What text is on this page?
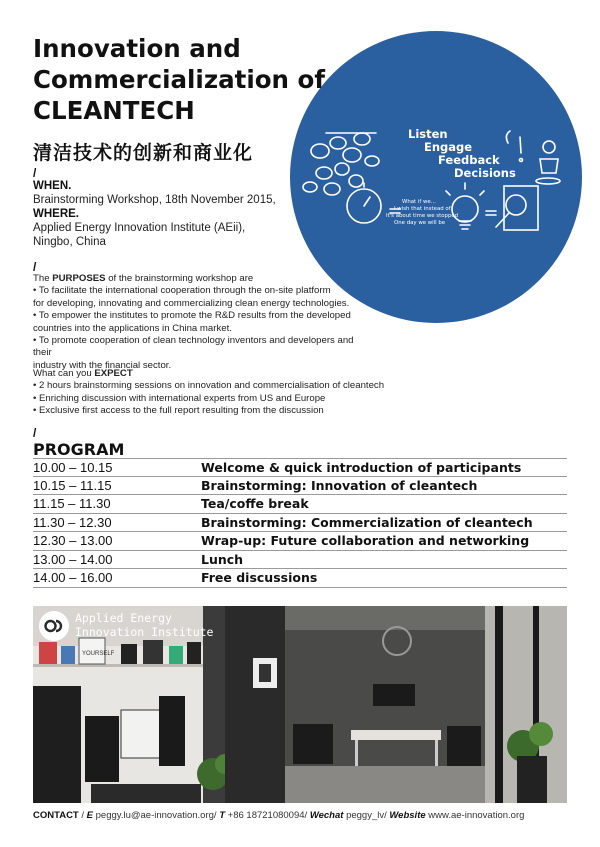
Listen
Engage
Feedback
Decisions
What if we...
I wish that instead of
It's about time we stopped
One day we will be
Innovation and
Commercialization of
CLEANTECH
清洁技术的创新和商业化
/
WHEN.
Brainstorming Workshop, 18th November 2015,
WHERE.
Applied Energy Innovation Institute (AEii),
Ningbo, China
/
The PURPOSES of the brainstorming workshop are
• To facilitate the international cooperation through the on-site platform
for developing, innovating and commercializing clean energy technologies.
• To empower the institutes to promote the R&D results from the developed
countries into the applications in China market.
• To promote cooperation of clean technology inventors and developers and their
industry with the financial sector.
What can you EXPECT
• 2 hours brainstorming sessions on innovation and commercialisation of cleantech
• Enriching discussion with international experts from US and Europe
• Exclusive first access to the full report resulting from the discussion
/
PROGRAM
10.00 – 10.15	Welcome & quick introduction of participants
10.15 – 11.15	Brainstorming: Innovation of cleantech
11.15 – 11.30	Tea/coffe break
11.30 – 12.30	Brainstorming: Commercialization of cleantech
12.30 – 13.00	Wrap-up: Future collaboration and networking
13.00 – 14.00	Lunch
14.00 – 16.00	Free discussions
YOURSELF
Applied Energy
Innovation Institute
CONTACT / E peggy.lu@ae-innovation.org/ T +86 18721080094/ Wechat peggy_lv/ Website www.ae-innovation.org
